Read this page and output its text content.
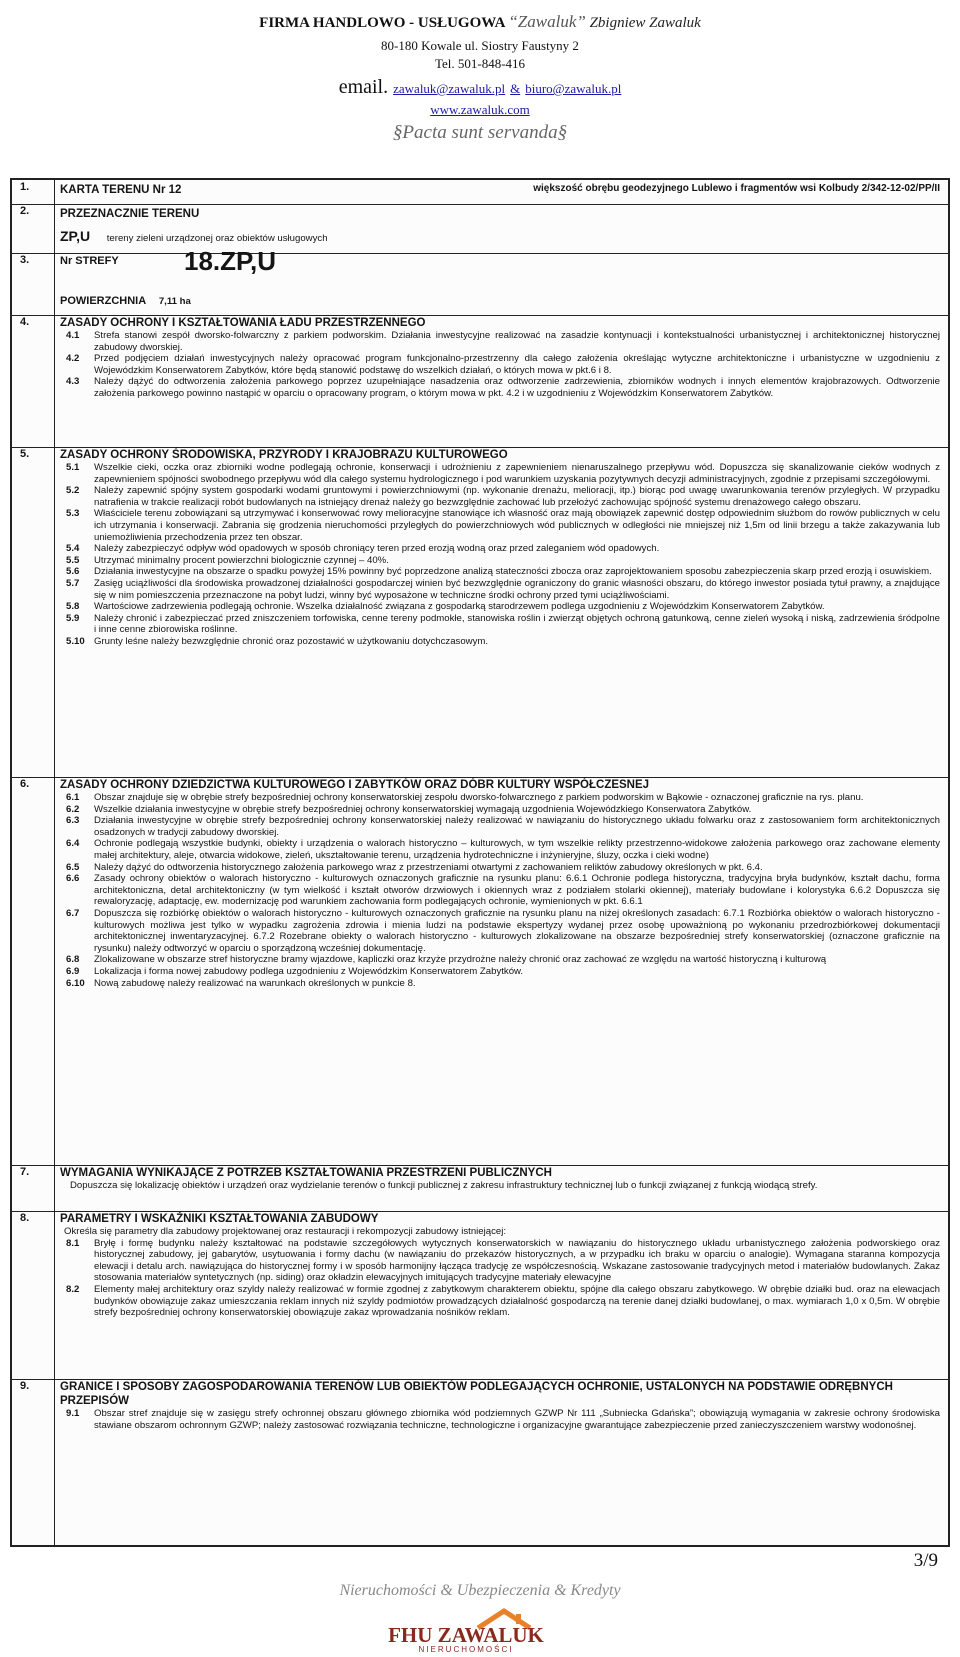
FIRMA HANDLOWO - USŁUGOWA “Zawaluk” Zbigniew Zawaluk
80-180 Kowale ul. Siostry Faustyny 2
Tel. 501-848-416
email. zawaluk@zawaluk.pl & biuro@zawaluk.pl
www.zawaluk.com
§Pacta sunt servanda§
1.	KARTA TERENU Nr 12	większość obrębu geodezyjnego Lublewo i fragmentów wsi Kolbudy 2/342-12-02/PP/II
2.	PRZEZNACZNIE TERENU
ZP,U tereny zieleni urządzonej oraz obiektów usługowych
3.	Nr STREFY	18.ZP,U
POWIERZCHNIA 7,11 ha
4.	ZASADY OCHRONY I KSZTAŁTOWANIA ŁADU PRZESTRZENNEGO
4.1 Strefa stanowi zespół dworsko-folwarczny z parkiem podworskim. Działania inwestycyjne realizować na zasadzie kontynuacji i kontekstualności urbanistycznej i architektonicznej historycznej zabudowy dworskiej.
4.2 Przed podjęciem działań inwestycyjnych należy opracować program funkcjonalno-przestrzenny dla całego założenia określając wytyczne architektoniczne i urbanistyczne w uzgodnieniu z Wojewódzkim Konserwatorem Zabytków, które będą stanowić podstawę do wszelkich działań, o których mowa w pkt.6 i 8.
4.3 Należy dążyć do odtworzenia założenia parkowego poprzez uzupełniające nasadzenia oraz odtworzenie zadrzewienia, zbiorników wodnych i innych elementów krajobrazowych. Odtworzenie założenia parkowego powinno nastąpić w oparciu o opracowany program, o którym mowa w pkt. 4.2 i w uzgodnieniu z Wojewódzkim Konserwatorem Zabytków.
5.	ZASADY OCHRONY ŚRODOWISKA, PRZYRODY I KRAJOBRAZU KULTUROWEGO
5.1 Wszelkie cieki, oczka oraz zbiorniki wodne podlegają ochronie, konserwacji i udrożnieniu z zapewnieniem nienaruszalnego przepływu wód. Dopuszcza się skanalizowanie cieków wodnych z zapewnieniem spójności swobodnego przepływu wód dla całego systemu hydrologicznego i pod warunkiem uzyskania pozytywnych decyzji administracyjnych, zgodnie z przepisami szczegółowymi.
5.2 Należy zapewnić spójny system gospodarki wodami gruntowymi i powierzchniowymi (np. wykonanie drenażu, melioracji, itp.) biorąc pod uwagę uwarunkowania terenów przyległych. W przypadku natrafienia w trakcie realizacji robót budowlanych na istniejący drenaż należy go bezwzględnie zachować lub przełożyć zachowując spójność systemu drenażowego całego obszaru.
5.3 Właściciele terenu zobowiązani są utrzymywać i konserwować rowy melioracyjne stanowiące ich własność oraz mają obowiązek zapewnić dostęp odpowiednim służbom do rowów publicznych w celu ich utrzymania i konserwacji. Zabrania się grodzenia nieruchomości przyległych do powierzchniowych wód publicznych w odległości nie mniejszej niż 1,5m od linii brzegu a także zakazywania lub uniemożliwienia przechodzenia przez ten obszar.
5.4 Należy zabezpieczyć odpływ wód opadowych w sposób chroniący teren przed erozją wodną oraz przed zaleganiem wód opadowych.
5.5 Utrzymać minimalny procent powierzchni biologicznie czynnej – 40%.
5.6 Działania inwestycyjne na obszarze o spadku powyżej 15% powinny być poprzedzone analizą stateczności zbocza oraz zaprojektowaniem sposobu zabezpieczenia skarp przed erozją i osuwiskiem.
5.7 Zasięg uciążliwości dla środowiska prowadzonej działalności gospodarczej winien być bezwzględnie ograniczony do granic własności obszaru, do którego inwestor posiada tytuł prawny, a znajdujące się w nim pomieszczenia przeznaczone na pobyt ludzi, winny być wyposażone w techniczne środki ochrony przed tymi uciążliwościami.
5.8 Wartościowe zadrzewienia podlegają ochronie. Wszelka działalność związana z gospodarką starodrzewem podlega uzgodnieniu z Wojewódzkim Konserwatorem Zabytków.
5.9 Należy chronić i zabezpieczać przed zniszczeniem torfowiska, cenne tereny podmokłe, stanowiska roślin i zwierząt objętych ochroną gatunkową, cenne zieleń wysoką i niską, zadrzewienia śródpolne i inne cenne zbiorowiska roślinne.
5.10 Grunty leśne należy bezwzględnie chronić oraz pozostawić w użytkowaniu dotychczasowym.
6.	ZASADY OCHRONY DZIEDZICTWA KULTUROWEGO I ZABYTKÓW ORAZ DÓBR KULTURY WSPÓŁCZESNEJ
6.1 Obszar znajduje się w obrębie strefy bezpośredniej ochrony konserwatorskiej zespołu dworsko-folwarcznego z parkiem podworskim w Bąkowie - oznaczonej graficznie na rys. planu.
6.2 Wszelkie działania inwestycyjne w obrębie strefy bezpośredniej ochrony konserwatorskiej wymagają uzgodnienia Wojewódzkiego Konserwatora Zabytków.
6.3 Działania inwestycyjne w obrębie strefy bezpośredniej ochrony konserwatorskiej należy realizować w nawiązaniu do historycznego układu folwarku oraz z zastosowaniem form architektonicznych osadzonych w tradycji zabudowy dworskiej.
6.4 Ochronie podlegają wszystkie budynki, obiekty i urządzenia o walorach historyczno – kulturowych, w tym wszelkie relikty przestrzenno-widokowe założenia parkowego oraz zachowane elementy małej architektury, aleje, otwarcia widokowe, zieleń, ukształtowanie terenu, urządzenia hydrotechniczne i inżynieryjne, śluzy, oczka i cieki wodne)
6.5 Należy dążyć do odtworzenia historycznego założenia parkowego wraz z przestrzeniami otwartymi z zachowaniem reliktów zabudowy określonych w pkt. 6.4.
6.6 Zasady ochrony obiektów o walorach historyczno - kulturowych oznaczonych graficznie na rysunku planu: 6.6.1 Ochronie podlega historyczna, tradycyjna bryła budynków, kształt dachu, forma architektoniczna, detal architektoniczny (w tym wielkość i kształt otworów drzwiowych i okiennych wraz z podziałem stolarki okiennej), materiały budowlane i kolorystyka 6.6.2 Dopuszcza się rewaloryzację, adaptację, ew. modernizację pod warunkiem zachowania form podlegających ochronie, wymienionych w pkt. 6.6.1
6.7 Dopuszcza się rozbiórkę obiektów o walorach historyczno - kulturowych oznaczonych graficznie na rysunku planu na niżej określonych zasadach: 6.7.1 Rozbiórka obiektów o walorach historyczno - kulturowych możliwa jest tylko w wypadku zagrożenia zdrowia i mienia ludzi na podstawie ekspertyzy wydanej przez osobę upoważnioną po wykonaniu przedrozbiórkowej dokumentacji architektonicznej inwentaryzacyjnej. 6.7.2 Rozebrane obiekty o walorach historyczno - kulturowych zlokalizowane na obszarze bezpośredniej strefy konserwatorskiej (oznaczone graficznie na rysunku) należy odtworzyć w oparciu o sporządzoną wcześniej dokumentację.
6.8 Zlokalizowane w obszarze stref historyczne bramy wjazdowe, kapliczki oraz krzyże przydrożne należy chronić oraz zachować ze względu na wartość historyczną i kulturową
6.9 Lokalizacja i forma nowej zabudowy podlega uzgodnieniu z Wojewódzkim Konserwatorem Zabytków.
6.10 Nową zabudowę należy realizować na warunkach określonych w punkcie 8.
7.	WYMAGANIA WYNIKAJĄCE Z POTRZEB KSZTAŁTOWANIA PRZESTRZENI PUBLICZNYCH
Dopuszcza się lokalizację obiektów i urządzeń oraz wydzielanie terenów o funkcji publicznej z zakresu infrastruktury technicznej lub o funkcji związanej z funkcją wiodącą strefy.
8.	PARAMETRY I WSKAŹNIKI KSZTAŁTOWANIA ZABUDOWY
Określa się parametry dla zabudowy projektowanej oraz restauracji i rekompozycji zabudowy istniejącej:
8.1 Bryłę i formę budynku należy kształtować na podstawie szczegółowych wytycznych konserwatorskich w nawiązaniu do historycznego układu urbanistycznego założenia podworskiego oraz historycznej zabudowy, jej gabarytów, usytuowania i formy dachu (w nawiązaniu do przekazów historycznych, a w przypadku ich braku w oparciu o analogie). Wymagana staranna kompozycja elewacji i detalu arch. nawiązująca do historycznej formy i w sposób harmonijny łącząca tradycję ze współczesnością. Wskazane zastosowanie tradycyjnych metod i materiałów budowlanych. Zakaz stosowania materiałów syntetycznych (np. siding) oraz okładzin elewacyjnych imitujących tradycyjne materiały elewacyjne
8.2 Elementy małej architektury oraz szyldy należy realizować w formie zgodnej z zabytkowym charakterem obiektu, spójne dla całego obszaru zabytkowego. W obrębie działki bud. oraz na elewacjach budynków obowiązuje zakaz umieszczania reklam innych niż szyldy podmiotów prowadzących działalność gospodarczą na terenie danej działki budowlanej, o max. wymiarach 1,0 x 0,5m. W obrębie strefy bezpośredniej ochrony konserwatorskiej obowiązuje zakaz wprowadzania nośników reklam.
9.	GRANICE I SPOSOBY ZAGOSPODAROWANIA TERENÓW LUB OBIEKTÓW PODLEGAJĄCYCH OCHRONIE, USTALONYCH NA PODSTAWIE ODRĘBNYCH PRZEPISÓW
9.1 Obszar stref znajduje się w zasięgu strefy ochronnej obszaru głównego zbiornika wód podziemnych GZWP Nr 111 „Subniecka Gdańska”; obowiązują wymagania w zakresie ochrony środowiska stawiane obszarom ochronnym GZWP; należy zastosować rozwiązania techniczne, technologiczne i organizacyjne gwarantujące zabezpieczenie przed zanieczyszczeniem warstwy wodonośnej.
3/9
Nieruchomości & Ubezpieczenia & Kredyty
FHU ZAWALUK
NIERUCHOMOŚCI
